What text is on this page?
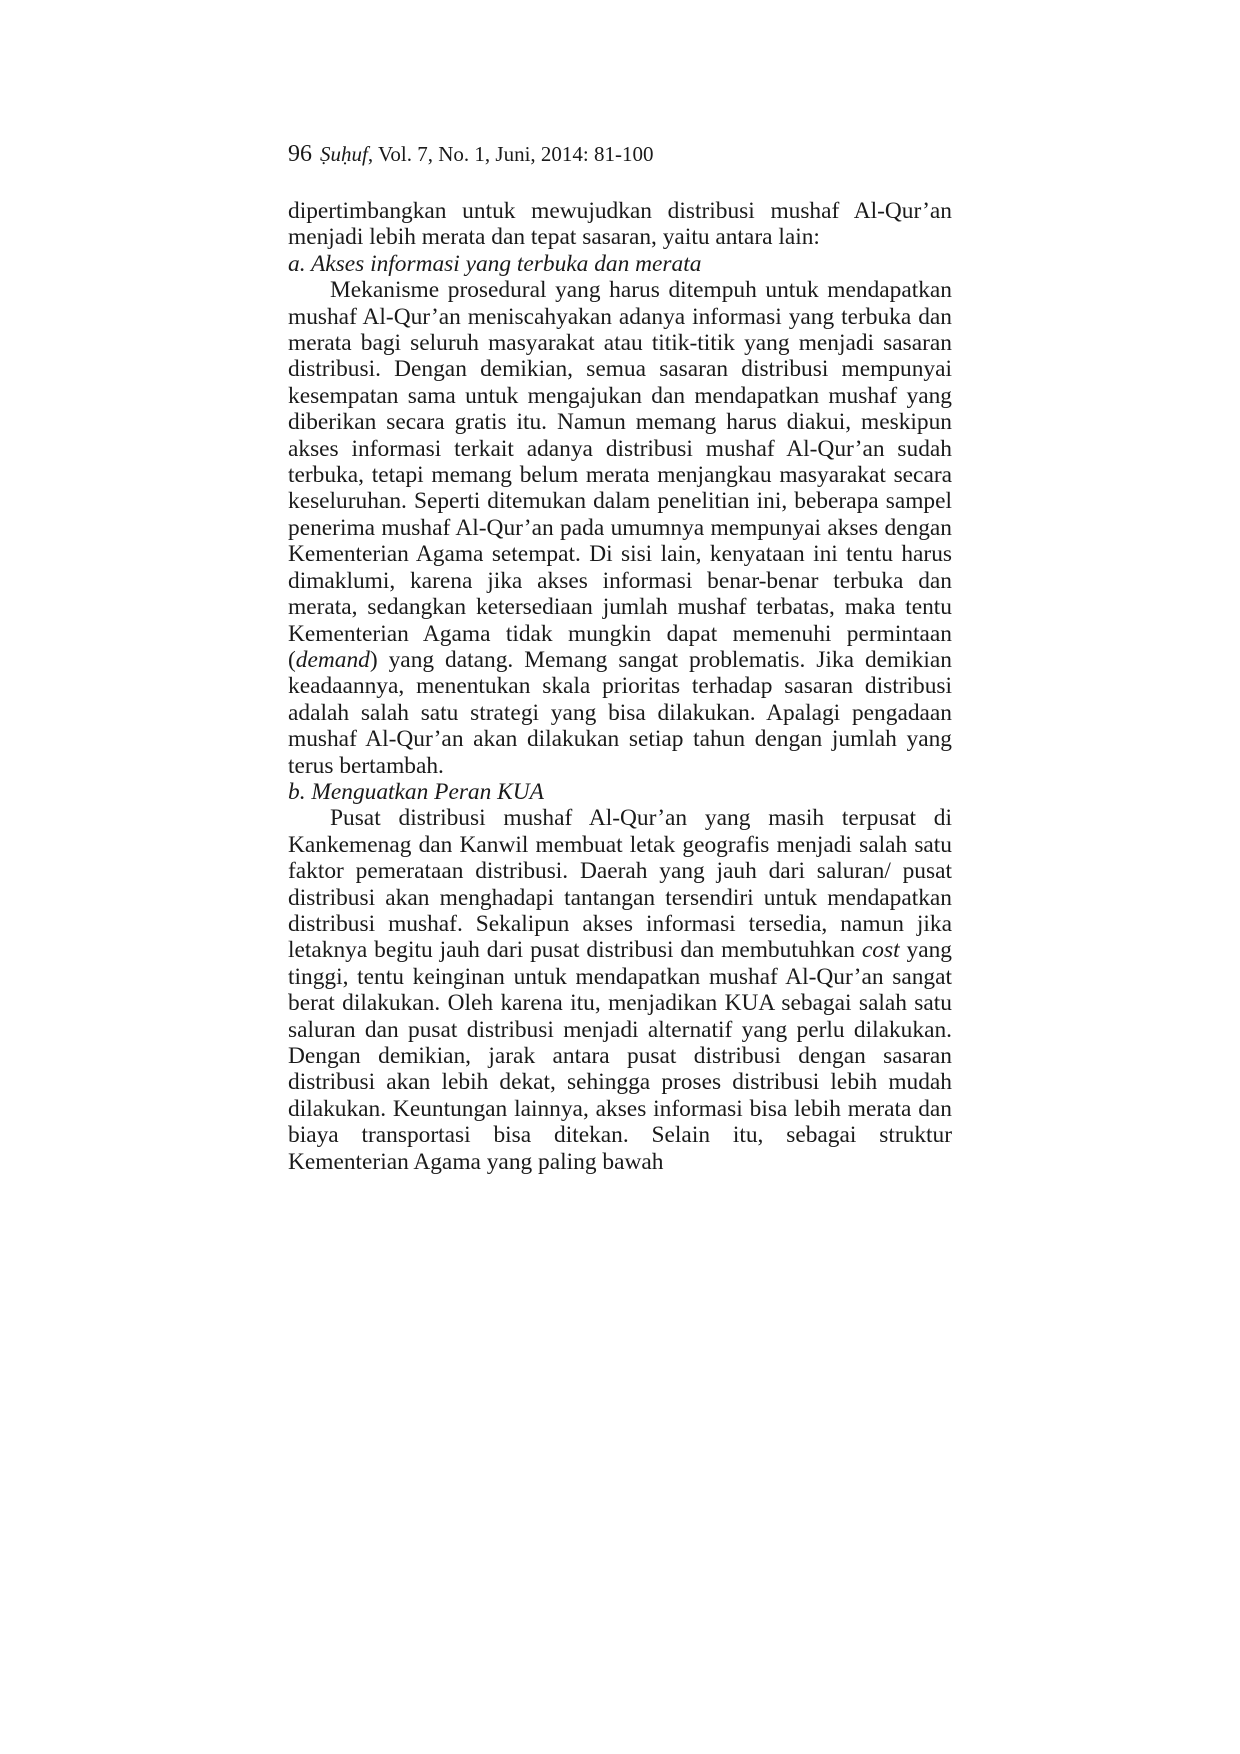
96 Ṣuḥuf, Vol. 7, No. 1, Juni, 2014: 81-100

dipertimbangkan untuk mewujudkan distribusi mushaf Al-Qur’an menjadi lebih merata dan tepat sasaran, yaitu antara lain:

a. Akses informasi yang terbuka dan merata

Mekanisme prosedural yang harus ditempuh untuk mendapatkan mushaf Al-Qur’an meniscahyakan adanya informasi yang terbuka dan merata bagi seluruh masyarakat atau titik-titik yang menjadi sasaran distribusi. Dengan demikian, semua sasaran distribusi mempunyai kesempatan sama untuk mengajukan dan mendapatkan mushaf yang diberikan secara gratis itu. Namun memang harus diakui, meskipun akses informasi terkait adanya distribusi mushaf Al-Qur’an sudah terbuka, tetapi memang belum merata menjangkau masyarakat secara keseluruhan. Seperti ditemukan dalam penelitian ini, beberapa sampel penerima mushaf Al-Qur’an pada umumnya mempunyai akses dengan Kementerian Agama setempat. Di sisi lain, kenyataan ini tentu harus dimaklumi, karena jika akses informasi benar-benar terbuka dan merata, sedangkan ketersediaan jumlah mushaf terbatas, maka tentu Kementerian Agama tidak mungkin dapat memenuhi permintaan (demand) yang datang. Memang sangat problematis. Jika demikian keadaannya, menentukan skala prioritas terhadap sasaran distribusi adalah salah satu strategi yang bisa dilakukan. Apalagi pengadaan mushaf Al-Qur’an akan dilakukan setiap tahun dengan jumlah yang terus bertambah.

b. Menguatkan Peran KUA

Pusat distribusi mushaf Al-Qur’an yang masih terpusat di Kankemenag dan Kanwil membuat letak geografis menjadi salah satu faktor pemerataan distribusi. Daerah yang jauh dari saluran/ pusat distribusi akan menghadapi tantangan tersendiri untuk mendapatkan distribusi mushaf. Sekalipun akses informasi tersedia, namun jika letaknya begitu jauh dari pusat distribusi dan membutuhkan cost yang tinggi, tentu keinginan untuk mendapatkan mushaf Al-Qur’an sangat berat dilakukan. Oleh karena itu, menjadikan KUA sebagai salah satu saluran dan pusat distribusi menjadi alternatif yang perlu dilakukan. Dengan demikian, jarak antara pusat distribusi dengan sasaran distribusi akan lebih dekat, sehingga proses distribusi lebih mudah dilakukan. Keuntungan lainnya, akses informasi bisa lebih merata dan biaya transportasi bisa ditekan. Selain itu, sebagai struktur Kementerian Agama yang paling bawah
